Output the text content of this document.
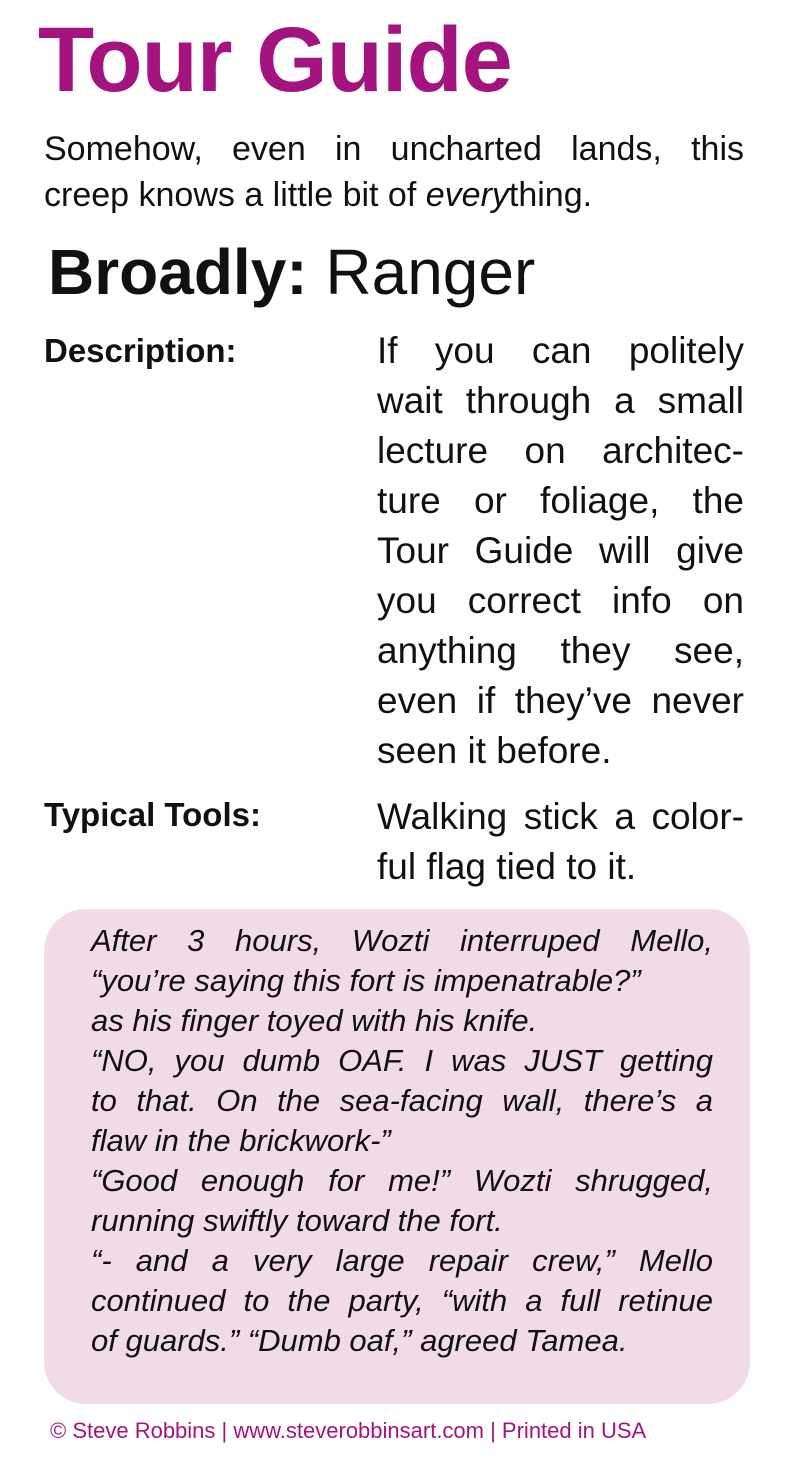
Tour Guide
Somehow, even in uncharted lands, this
creep knows a little bit of everything.
Broadly: Ranger
Description:	If you can politely
wait through a small
lecture on architec-
ture or foliage, the
Tour Guide will give
you correct info on
anything they see,
even if they’ve never
seen it before.
Typical Tools:	Walking stick a color-
ful flag tied to it.
After 3 hours, Wozti interruped Mello,
“you’re saying this fort is impenatrable?”
as his finger toyed with his knife.
“NO, you dumb OAF. I was JUST getting
to that. On the sea-facing wall, there’s a
flaw in the brickwork-”
“Good enough for me!” Wozti shrugged,
running swiftly toward the fort.
“- and a very large repair crew,” Mello
continued to the party, “with a full retinue
of guards.” “Dumb oaf,” agreed Tamea.
© Steve Robbins | www.steverobbinsart.com | Printed in USA
